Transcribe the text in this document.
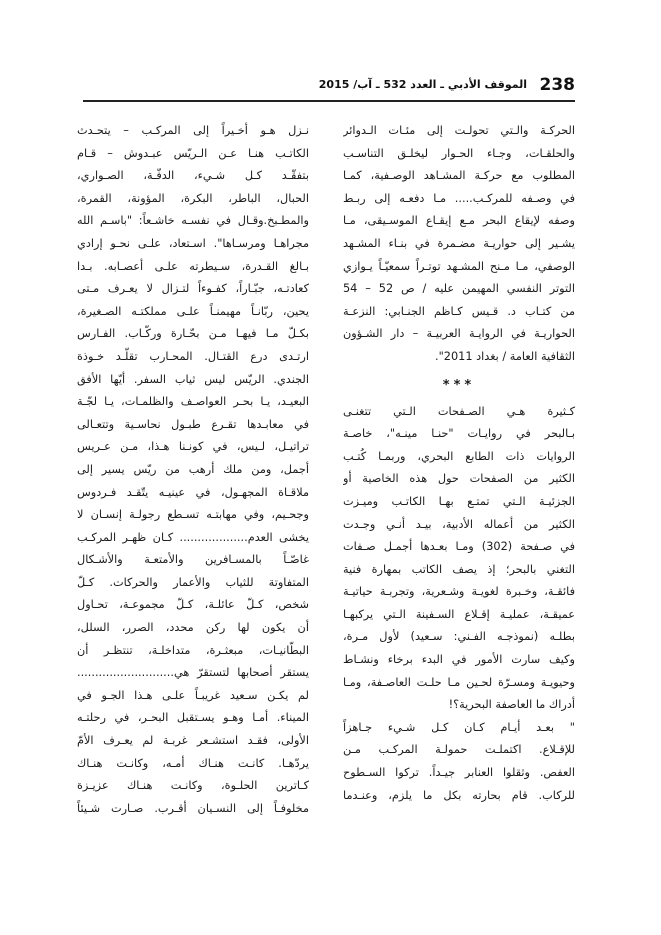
238
الموقف الأدبي ـ العدد 532 ـ آب/ 2015
الحركـة والـتي تحولـت إلى مئـات الـدوائر
والحلقـات، وجـاء الحـوار ليخلـق التناسـب
المطلوب مع حركـة المشـاهد الوصـفية، كمـا
في وصـفه للمركـب..... مـا دفعـه إلى ربـط
وصفه لإيقاع البحر مـع إيقـاع الموسـيقى، مـا
يشـير إلى حواريـة مضـمرة في بنـاء المشـهد
الوصفي، مـا مـنح المشـهد توتـراً سمعيّـاً يـوازي
التوتر النفسي المهيمن عليه / ص 52 – 54
من كتـاب د. قـيس كـاظم الجنـابي: النزعـة
الحواريـة في الروايـة العربيـة – دار الشـؤون
الثقافية العامة / بغداد 2011".
***
كـثيرة هـي الصـفحات الـتي تتغنـى
بـالبحر في روايـات "حنـا مينـه"، خاصـة
الروايات ذات الطابع البحري، وربمـا كُتـب
الكثير من الصفحات حول هذه الخاصية أو
الجزئيـة الـتي تمتـع بهـا الكاتـب وميـزت
الكثير من أعماله الأدبية، بيـد أنـي وجـدت
في صـفحة (302) ومـا بعـدها أجمـل صـفات
التغني بالبحر؛ إذ يصف الكاتب بمهارة فنية
فائقـة، وخـبرة لغويـة وشـعرية، وتجربـة حياتيـة
عميقـة، عمليـة إقـلاع السـفينة الـتي يركبهـا
بطلـه (نموذجـه الفـني: سـعيد) لأول مـرة،
وكيف سارت الأمور في البدء برخاء ونشـاط
وحيويـة ومسـرّة لحـين مـا حلـت العاصـفة، ومـا
أدراك ما العاصفة البحرية؟!
" بعـد أيـام كـان كـل شـيء جـاهزاً
للإقـلاع. اكتملـت حمولـة المركـب مـن
العفص. وثقلوا العنابر جيـداً. تركوا السـطوح
للركاب. قام بحارته بكل ما يلزم، وعنـدما
نـزل هـو أخـيراً إلى المركـب – يتحـدث
الكاتـب هنـا عـن الـريّس عبـدوش – قـام
بتفقّـد كـل شـيء، الدفّـة، الصـواري،
الحبال، الباطر، البكرة، المؤونة، القمرة،
والمطـبخ.وقـال في نفسـه خاشـعاً: "باسـم الله
مجراهـا ومرسـاها". اسـتعاد، علـى نحـو إرادي
بـالغ القـدرة، سـيطرته علـى أعصـابه. بـدا
كعادتـه، جبّـاراً، كفـوءاً لتـزال لا يعـرف مـتى
يحين، ربّانـاً مهيمنـاً علـى مملكتـه الصـغيرة،
بكـلّ مـا فيهـا مـن بحّـارة وركّـاب. الفـارس
ارتـدى درع القتـال. المحـارب تقلّـد خـوذة
الجندي. الريّس ليس ثياب السفر. أيّها الأفق
البعيـد، يـا بحـر العواصـف والظلمـات، يـا لجّـة
في معابـدها تقـرع طبـول نحاسـية وتتعـالى
تراتيـل، لـيس، في كونـنا هـذا، مـن عـريس
أجمل، ومن ملك أرهب من ريّس يسير إلى
ملاقـاة المجهـول، في عينيـه يتّقـد فـردوس
وجحـيم، وفي مهابتـه تسـطع رجولـة إنسـان لا
يخشى العدم................... كـان ظهـر المركـب
غاصّـاً بالمسـافرين والأمتعـة والأشـكال
المتفاوتة للثياب والأعمار والحركات. كـلّ
شخص، كـلّ عائلـة، كـلّ مجموعـة، تحـاول
أن يكون لها ركن محدد، الصرر، السلل،
البطّانيـات، مبعثـرة، متداخلـة، تنتظـر أن
يستقر أصحابها لتستقرّ هي...........................
لم يكـن سـعيد غريبـاً علـى هـذا الجـو في
الميناء. أمـا وهـو يسـتقبل البحـر، في رحلتـه
الأولى، فقـد استشـعر غربـة لم يعـرف الأمّ
يردّهـا. كانـت هنـاك أمـه، وكانـت هنـاك
كـاترين الحلـوة، وكانـت هنـاك عزيـزة
مخلوفـاً إلى النسـيان أقـرب. صـارت شـيئاً
